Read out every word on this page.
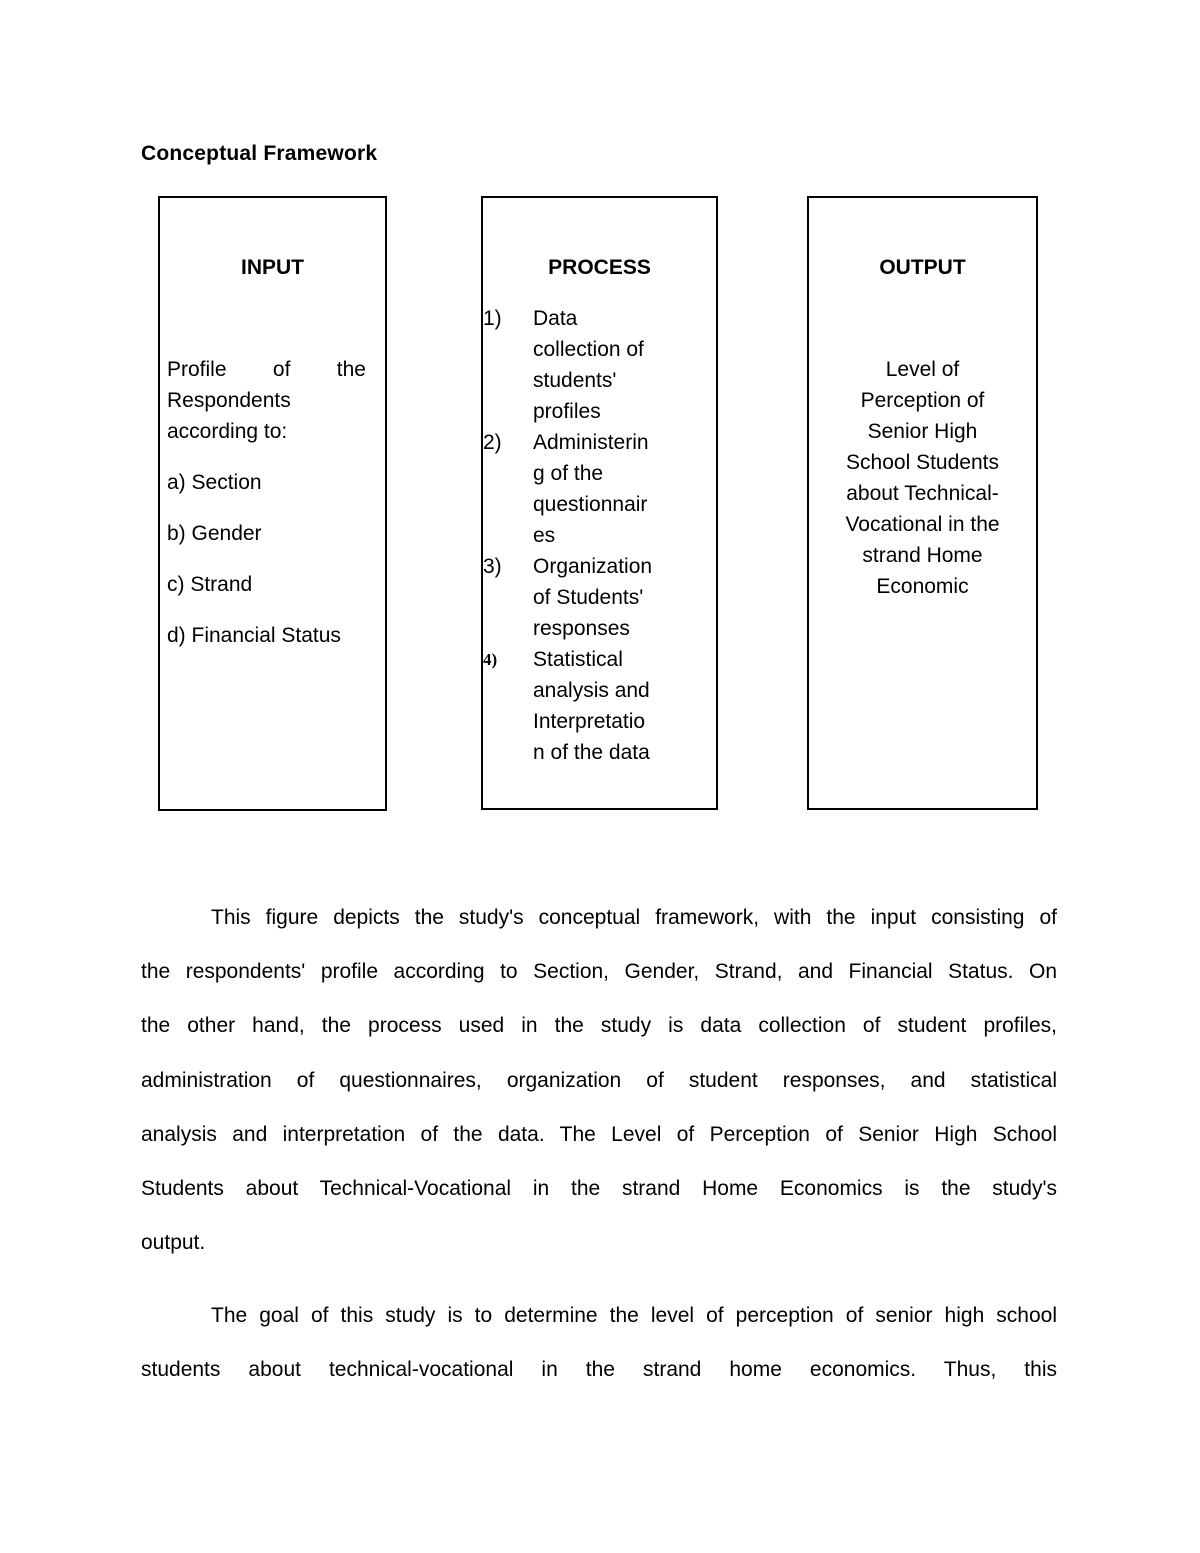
Conceptual Framework
INPUT
Profile of the
Respondents
according to:
a) Section
b) Gender
c) Strand
d) Financial Status
PROCESS
1)	Data
collection of
students'
profiles
2)	Administerin
g of the
questionnair
es
3)	Organization
of Students'
responses
4)	Statistical
analysis and
Interpretatio
n of the data
OUTPUT
Level of
Perception of
Senior High
School Students
about Technical-
Vocational in the
strand Home
Economic
This figure depicts the study's conceptual framework, with the input consisting of
the respondents' profile according to Section, Gender, Strand, and Financial Status. On
the other hand, the process used in the study is data collection of student profiles,
administration of questionnaires, organization of student responses, and statistical
analysis and interpretation of the data. The Level of Perception of Senior High School
Students about Technical-Vocational in the strand Home Economics is the study's
output.
The goal of this study is to determine the level of perception of senior high school
students about technical-vocational in the strand home economics. Thus, this
